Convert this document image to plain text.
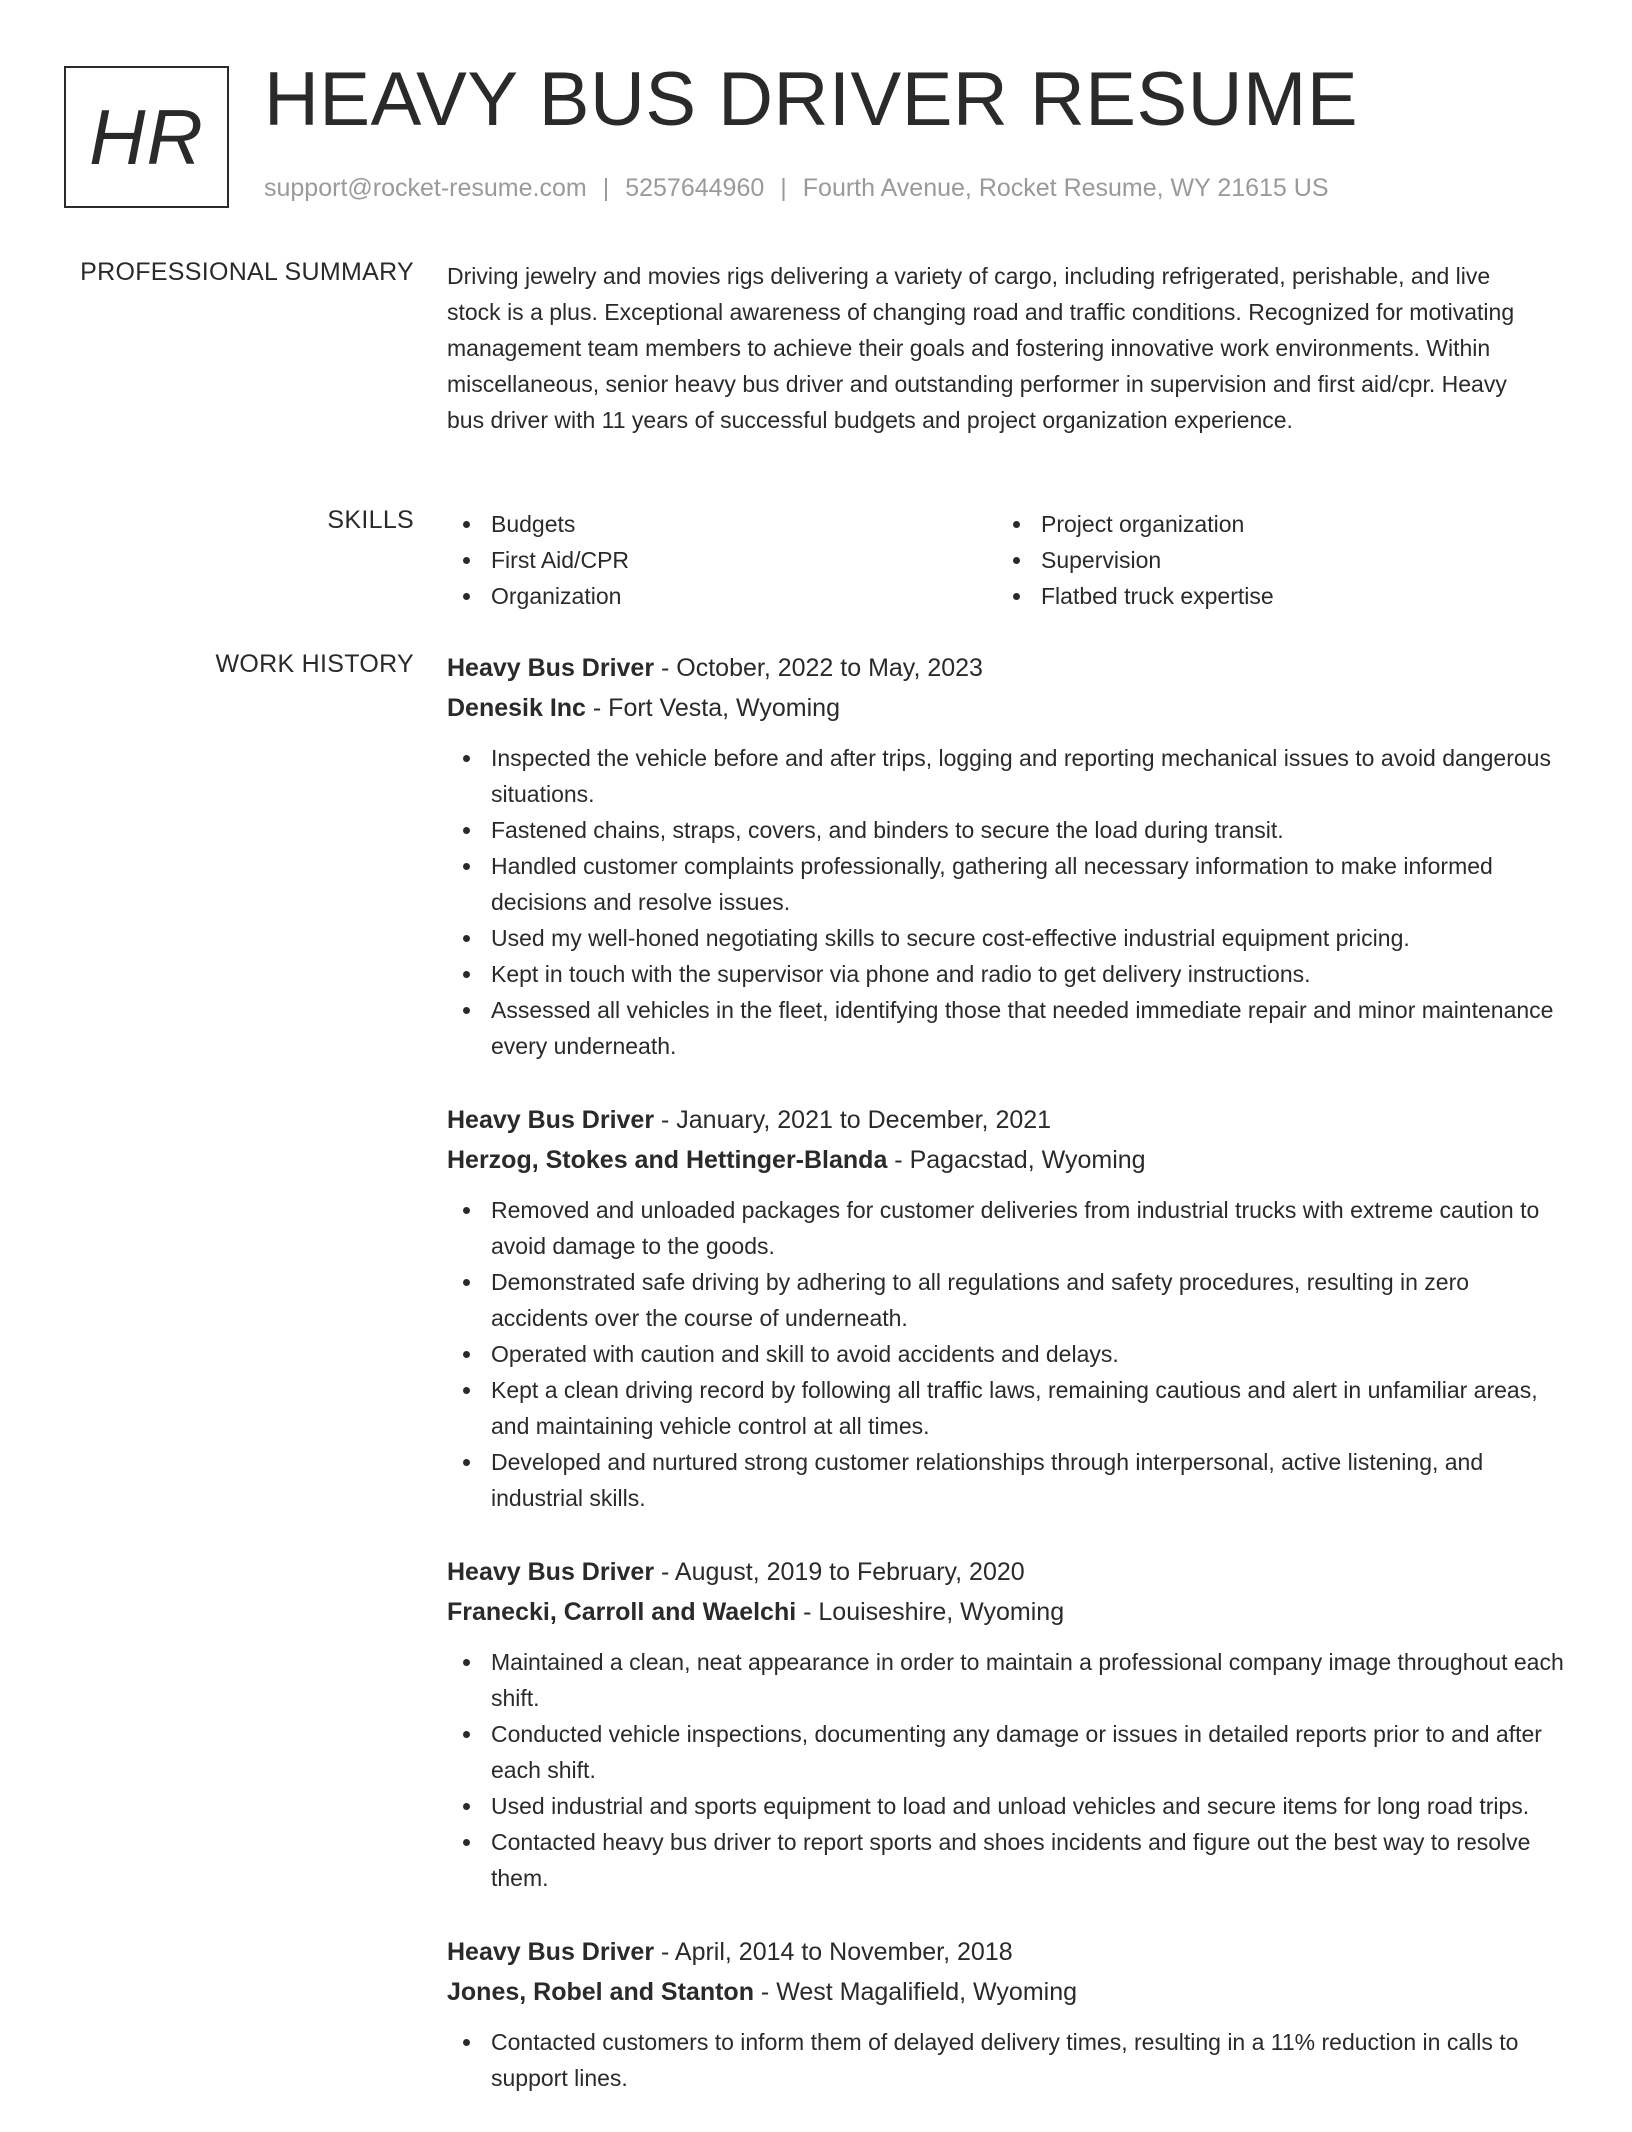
HR HEAVY BUS DRIVER RESUME
support@rocket-resume.com | 5257644960 | Fourth Avenue, Rocket Resume, WY 21615 US
PROFESSIONAL SUMMARY Driving jewelry and movies rigs delivering a variety of cargo, including refrigerated, perishable, and live stock is a plus. Exceptional awareness of changing road and traffic conditions. Recognized for motivating management team members to achieve their goals and fostering innovative work environments. Within miscellaneous, senior heavy bus driver and outstanding performer in supervision and first aid/cpr. Heavy bus driver with 11 years of successful budgets and project organization experience.

SKILLS	Budgets
First Aid/CPR
Organization
Project organization
Supervision
Flatbed truck expertise
WORK HISTORY Heavy Bus Driver - October, 2022 to May, 2023
Denesik Inc - Fort Vesta, Wyoming
Inspected the vehicle before and after trips, logging and reporting mechanical issues to avoid dangerous situations.
Fastened chains, straps, covers, and binders to secure the load during transit.
Handled customer complaints professionally, gathering all necessary information to make informed decisions and resolve issues.
Used my well-honed negotiating skills to secure cost-effective industrial equipment pricing.
Kept in touch with the supervisor via phone and radio to get delivery instructions.
Assessed all vehicles in the fleet, identifying those that needed immediate repair and minor maintenance every underneath.
Heavy Bus Driver - January, 2021 to December, 2021
Herzog, Stokes and Hettinger-Blanda - Pagacstad, Wyoming
Removed and unloaded packages for customer deliveries from industrial trucks with extreme caution to avoid damage to the goods.
Demonstrated safe driving by adhering to all regulations and safety procedures, resulting in zero accidents over the course of underneath.
Operated with caution and skill to avoid accidents and delays.
Kept a clean driving record by following all traffic laws, remaining cautious and alert in unfamiliar areas, and maintaining vehicle control at all times.
Developed and nurtured strong customer relationships through interpersonal, active listening, and industrial skills.
Heavy Bus Driver - August, 2019 to February, 2020
Franecki, Carroll and Waelchi - Louiseshire, Wyoming
Maintained a clean, neat appearance in order to maintain a professional company image throughout each shift.
Conducted vehicle inspections, documenting any damage or issues in detailed reports prior to and after each shift.
Used industrial and sports equipment to load and unload vehicles and secure items for long road trips.
Contacted heavy bus driver to report sports and shoes incidents and figure out the best way to resolve them.
Heavy Bus Driver - April, 2014 to November, 2018
Jones, Robel and Stanton - West Magalifield, Wyoming
Contacted customers to inform them of delayed delivery times, resulting in a 11% reduction in calls to support lines.
